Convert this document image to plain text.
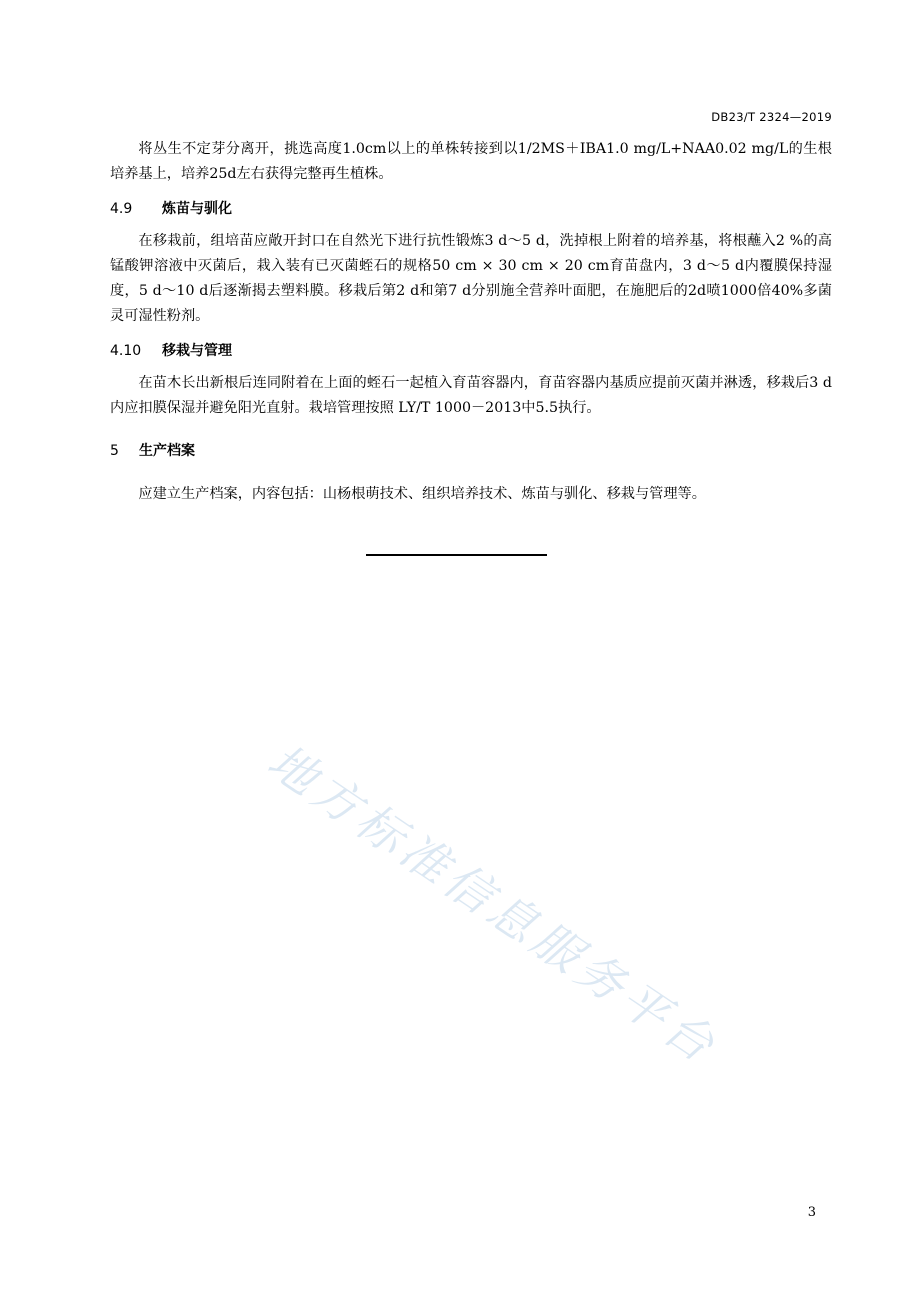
DB23/T 2324—2019

将丛生不定芽分离开，挑选高度1.0cm以上的单株转接到以1/2MS＋IBA1.0 mg/L+NAA0.02 mg/L的生根培养基上，培养25d左右获得完整再生植株。

4.9 炼苗与驯化

在移栽前，组培苗应敞开封口在自然光下进行抗性锻炼3 d～5 d，洗掉根上附着的培养基，将根蘸入2 %的高锰酸钾溶液中灭菌后，栽入装有已灭菌蛭石的规格50 cm × 30 cm × 20 cm育苗盘内，3 d～5 d内覆膜保持湿度，5 d～10 d后逐渐揭去塑料膜。移栽后第2 d和第7 d分别施全营养叶面肥，在施肥后的2d喷1000倍40%多菌灵可湿性粉剂。

4.10 移栽与管理

在苗木长出新根后连同附着在上面的蛭石一起植入育苗容器内，育苗容器内基质应提前灭菌并淋透，移栽后3 d内应扣膜保湿并避免阳光直射。栽培管理按照 LY/T 1000－2013中5.5执行。

5 生产档案

应建立生产档案，内容包括：山杨根萌技术、组织培养技术、炼苗与驯化、移栽与管理等。

地方标准信息服务平台
3
